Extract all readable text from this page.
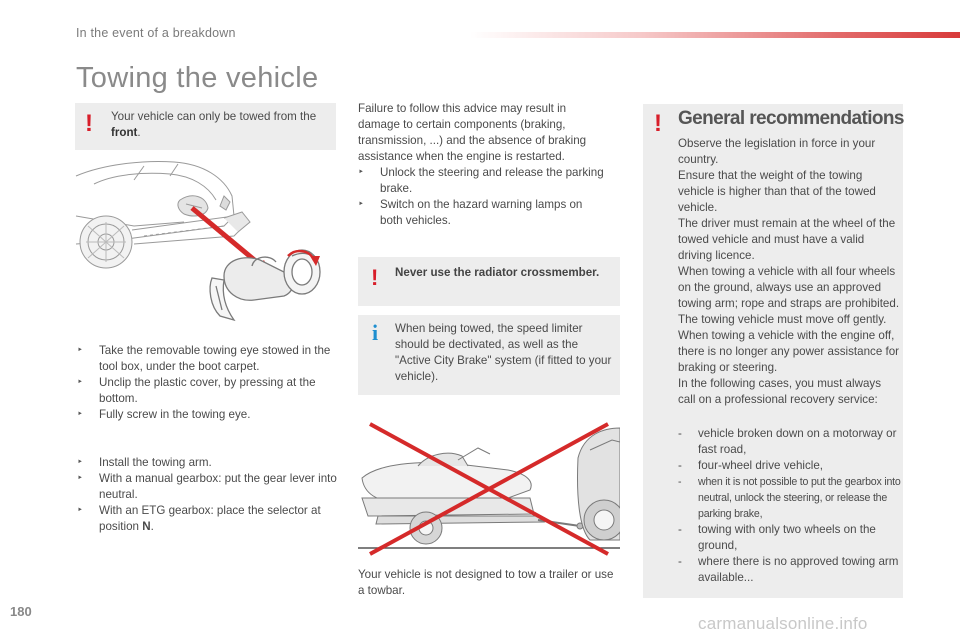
In the event of a breakdown
Towing the vehicle
! Your vehicle can only be towed from the front.
‣	Take the removable towing eye stowed in the tool box, under the boot carpet.
‣	Unclip the plastic cover, by pressing at the bottom.
‣	Fully screw in the towing eye.
‣	Install the towing arm.
‣	With a manual gearbox: put the gear lever into neutral.
‣	With an ETG gearbox: place the selector at position N.
Failure to follow this advice may result in damage to certain components (braking, transmission, ...) and the absence of braking assistance when the engine is restarted.
‣	Unlock the steering and release the parking brake.
‣	Switch on the hazard warning lamps on both vehicles.
! Never use the radiator crossmember.
i When being towed, the speed limiter should be dectivated, as well as the "Active City Brake" system (if fitted to your vehicle).
Your vehicle is not designed to tow a trailer or use a towbar.
! General recommendations
Observe the legislation in force in your country.
Ensure that the weight of the towing vehicle is higher than that of the towed vehicle.
The driver must remain at the wheel of the towed vehicle and must have a valid driving licence.
When towing a vehicle with all four wheels on the ground, always use an approved towing arm; rope and straps are prohibited.
The towing vehicle must move off gently.
When towing a vehicle with the engine off, there is no longer any power assistance for braking or steering.
In the following cases, you must always call on a professional recovery service:
- vehicle broken down on a motorway or fast road,
- four-wheel drive vehicle,
- when it is not possible to put the gearbox into neutral, unlock the steering, or release the parking brake,
- towing with only two wheels on the ground,
- where there is no approved towing arm available...
180
carmanualsonline.info
